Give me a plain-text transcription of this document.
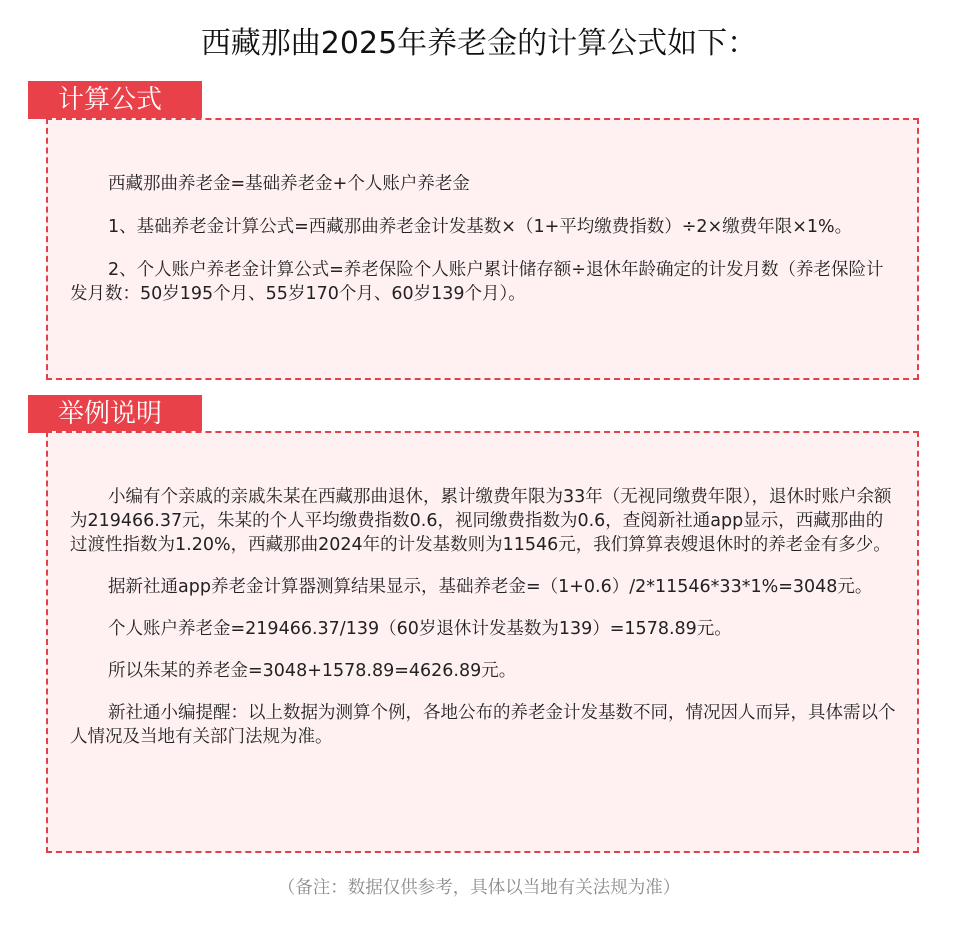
西藏那曲2025年养老金的计算公式如下：
计算公式

西藏那曲养老金=基础养老金+个人账户养老金

1、基础养老金计算公式=西藏那曲养老金计发基数×（1+平均缴费指数）÷2×缴费年限×1%。

2、个人账户养老金计算公式=养老保险个人账户累计储存额÷退休年龄确定的计发月数（养老保险计发月数：50岁195个月、55岁170个月、60岁139个月）。

举例说明

小编有个亲戚的亲戚朱某在西藏那曲退休，累计缴费年限为33年（无视同缴费年限），退休时账户余额为219466.37元，朱某的个人平均缴费指数0.6，视同缴费指数为0.6，查阅新社通app显示，西藏那曲的过渡性指数为1.20%，西藏那曲2024年的计发基数则为11546元，我们算算表嫂退休时的养老金有多少。

据新社通app养老金计算器测算结果显示，基础养老金=（1+0.6）/2*11546*33*1%=3048元。

个人账户养老金=219466.37/139（60岁退休计发基数为139）=1578.89元。

所以朱某的养老金=3048+1578.89=4626.89元。

新社通小编提醒：以上数据为测算个例，各地公布的养老金计发基数不同，情况因人而异，具体需以个人情况及当地有关部门法规为准。

（备注：数据仅供参考，具体以当地有关法规为准）
